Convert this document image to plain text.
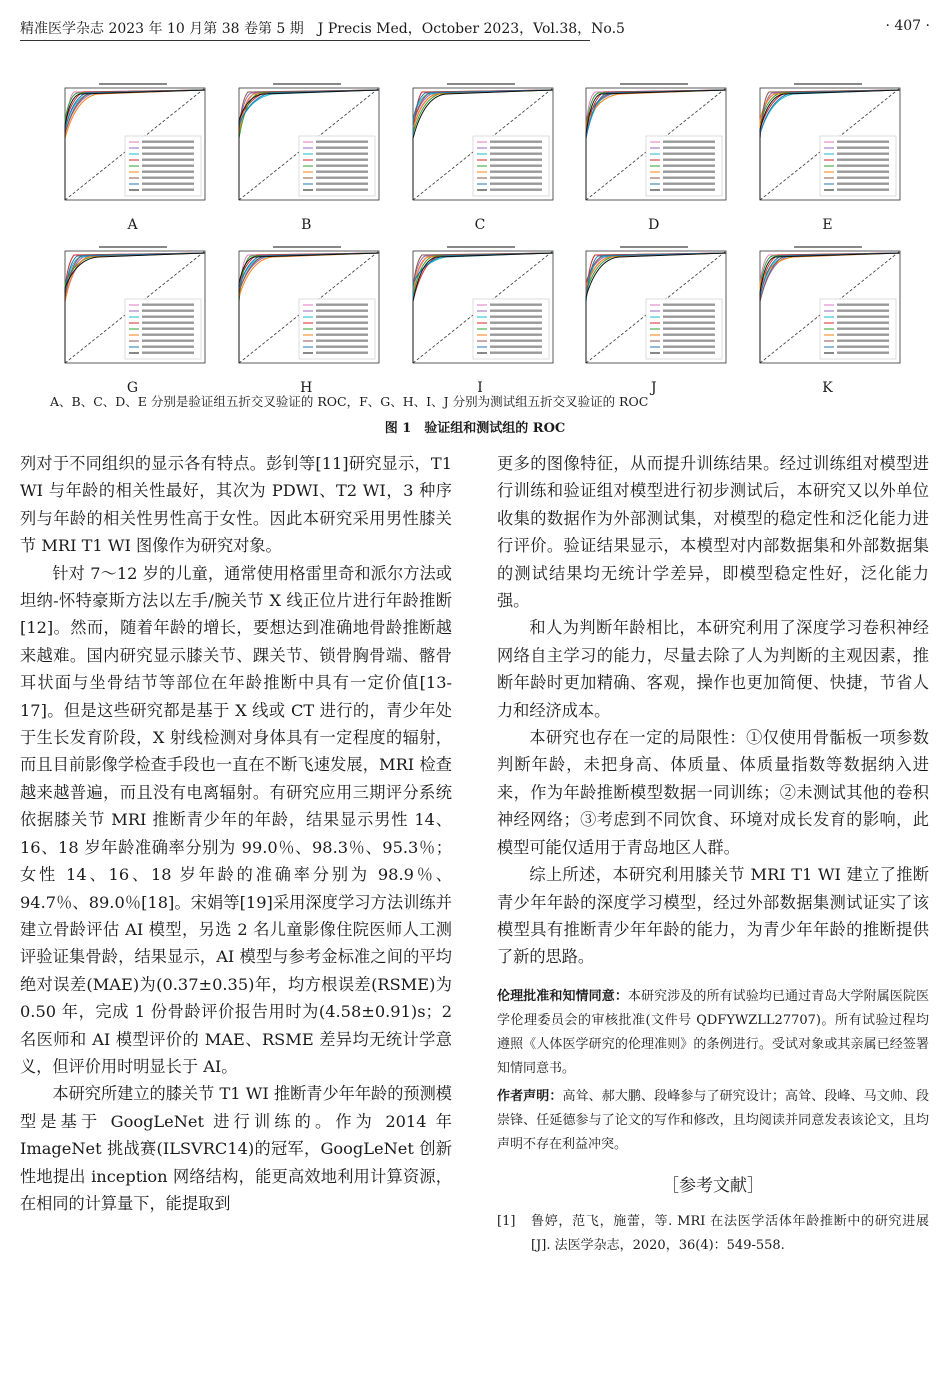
精准医学杂志 2023 年 10 月第 38 卷第 5 期　J Precis Med，October 2023，Vol.38，No.5	· 407 ·
A	B	C	D	E
G	H	I	J	K
A、B、C、D、E 分别是验证组五折交叉验证的 ROC，F、G、H、I、J 分别为测试组五折交叉验证的 ROC
图 1　验证组和测试组的 ROC

列对于不同组织的显示各有特点。彭钊等[11]研究显示，T1 WI 与年龄的相关性最好，其次为 PDWI、T2 WI，3 种序列与年龄的相关性男性高于女性。因此本研究采用男性膝关节 MRI T1 WI 图像作为研究对象。

针对 7～12 岁的儿童，通常使用格雷里奇和派尔方法或坦纳-怀特豪斯方法以左手/腕关节 X 线正位片进行年龄推断[12]。然而，随着年龄的增长，要想达到准确地骨龄推断越来越难。国内研究显示膝关节、踝关节、锁骨胸骨端、髂骨耳状面与坐骨结节等部位在年龄推断中具有一定价值[13-17]。但是这些研究都是基于 X 线或 CT 进行的，青少年处于生长发育阶段，X 射线检测对身体具有一定程度的辐射，而且目前影像学检查手段也一直在不断飞速发展，MRI 检查越来越普遍，而且没有电离辐射。有研究应用三期评分系统依据膝关节 MRI 推断青少年的年龄，结果显示男性 14、16、18 岁年龄准确率分别为 99.0％、98.3％、95.3％；女性 14、16、18 岁年龄的准确率分别为 98.9％、94.7％、89.0％[18]。宋娟等[19]采用深度学习方法训练并建立骨龄评估 AI 模型，另选 2 名儿童影像住院医师人工测评验证集骨龄，结果显示，AI 模型与参考金标准之间的平均绝对误差(MAE)为(0.37±0.35)年，均方根误差(RSME)为 0.50 年，完成 1 份骨龄评价报告用时为(4.58±0.91)s；2 名医师和 AI 模型评价的 MAE、RSME 差异均无统计学意义，但评价用时明显长于 AI。

本研究所建立的膝关节 T1 WI 推断青少年年龄的预测模型是基于 GoogLeNet 进行训练的。作为 2014 年 ImageNet 挑战赛(ILSVRC14)的冠军，GoogLeNet 创新性地提出 inception 网络结构，能更高效地利用计算资源，在相同的计算量下，能提取到

更多的图像特征，从而提升训练结果。经过训练组对模型进行训练和验证组对模型进行初步测试后，本研究又以外单位收集的数据作为外部测试集，对模型的稳定性和泛化能力进行评价。验证结果显示，本模型对内部数据集和外部数据集的测试结果均无统计学差异，即模型稳定性好，泛化能力强。

和人为判断年龄相比，本研究利用了深度学习卷积神经网络自主学习的能力，尽量去除了人为判断的主观因素，推断年龄时更加精确、客观，操作也更加简便、快捷，节省人力和经济成本。

本研究也存在一定的局限性：①仅使用骨骺板一项参数判断年龄，未把身高、体质量、体质量指数等数据纳入进来，作为年龄推断模型数据一同训练；②未测试其他的卷积神经网络；③考虑到不同饮食、环境对成长发育的影响，此模型可能仅适用于青岛地区人群。

综上所述，本研究利用膝关节 MRI T1 WI 建立了推断青少年年龄的深度学习模型，经过外部数据集测试证实了该模型具有推断青少年年龄的能力，为青少年年龄的推断提供了新的思路。

伦理批准和知情同意：本研究涉及的所有试验均已通过青岛大学附属医院医学伦理委员会的审核批准(文件号 QDFYWZLL27707)。所有试验过程均遵照《人体医学研究的伦理准则》的条例进行。受试对象或其亲属已经签署知情同意书。

作者声明：高耸、郝大鹏、段峰参与了研究设计；高耸、段峰、马文帅、段崇锋、任延德参与了论文的写作和修改，且均阅读并同意发表该论文，且均声明不存在利益冲突。

［参考文献］

[1]	鲁婷，范飞，施蕾，等. MRI 在法医学活体年龄推断中的研究进展[J]. 法医学杂志，2020，36(4)：549-558.
